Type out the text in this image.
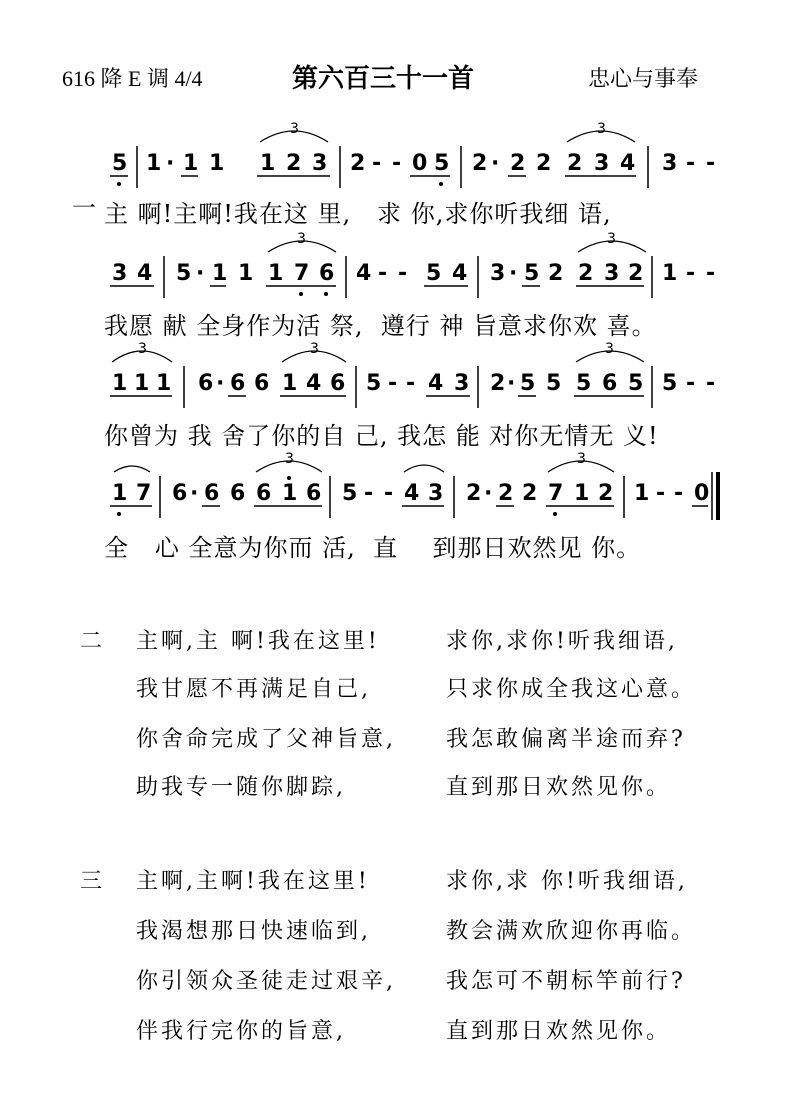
616 降 E 调 4/4	第六百三十一首	忠心与事奉
一
5 1 · 1 1 1 2 3
3
2 - - 0 5 2 · 2 2 2 3 4
3
3 - -
主 啊!主啊!我在这 里,   求 你,求你听我细 语,
3 4 5 · 1 1 1 7 6
3
4 - - 5 4 3 · 5 2 2 3 2
3
1 - -
我愿 献 全身作为活 祭,  遵行 神 旨意求你欢 喜。
1 1 1
3
6 · 6 6 1 4 6
3
5 - - 4 3 2 · 5 5 5 6 5
3
5 - -
你曾为 我 舍了你的自 己, 我怎 能 对你无情无 义!
1 7 6 · 6 6 6 1 6
3
5 - - 4 3 2 · 2 2 7 1 2
3
1 - - 0
全   心 全意为你而 活,  直    到那日欢然见 你。
二 主啊,主 啊!我在这里!	求你,求你!听我细语,
我甘愿不再满足自己,	只求你成全我这心意。
你舍命完成了父神旨意, 我怎敢偏离半途而弃?
助我专一随你脚踪,	直到那日欢然见你。
三 主啊,主啊!我在这里!	求你,求 你!听我细语,
我渴想那日快速临到,	教会满欢欣迎你再临。
你引领众圣徒走过艰辛, 我怎可不朝标竿前行?
伴我行完你的旨意,	直到那日欢然见你。
